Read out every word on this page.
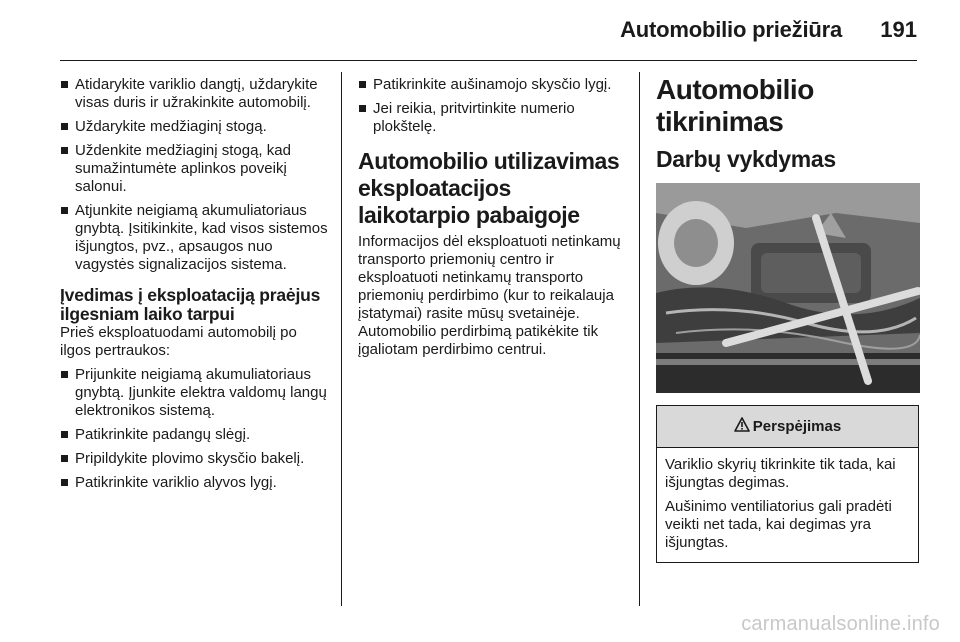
Automobilio priežiūra 191
Atidarykite variklio dangtį, uždarykite visas duris ir užrakinkite automobilį.
Uždarykite medžiaginį stogą.
Uždenkite medžiaginį stogą, kad sumažintumėte aplinkos poveikį salonui.
Atjunkite neigiamą akumuliatoriaus gnybtą. Įsitikinkite, kad visos sistemos išjungtos, pvz., apsaugos nuo vagystės signalizacijos sistema.
Įvedimas į eksploataciją praėjus ilgesniam laiko tarpui

Prieš eksploatuodami automobilį po ilgos pertraukos:

Prijunkite neigiamą akumuliatoriaus gnybtą. Įjunkite elektra valdomų langų elektronikos sistemą.
Patikrinkite padangų slėgį.
Pripildykite plovimo skysčio bakelį.
Patikrinkite variklio alyvos lygį.
Patikrinkite aušinamojo skysčio lygį.
Jei reikia, pritvirtinkite numerio plokštelę.
Automobilio utilizavimas eksploatacijos laikotarpio pabaigoje

Informacijos dėl eksploatuoti netinkamų transporto priemonių centro ir eksploatuoti netinkamų transporto priemonių perdirbimo (kur to reikalauja įstatymai) rasite mūsų svetainėje. Automobilio perdirbimą patikėkite tik įgaliotam perdirbimo centrui.

Automobilio tikrinimas
Darbų vykdymas
Perspėjimas

Variklio skyrių tikrinkite tik tada, kai išjungtas degimas.

Aušinimo ventiliatorius gali pradėti veikti net tada, kai degimas yra išjungtas.

carmanualsonline.info
